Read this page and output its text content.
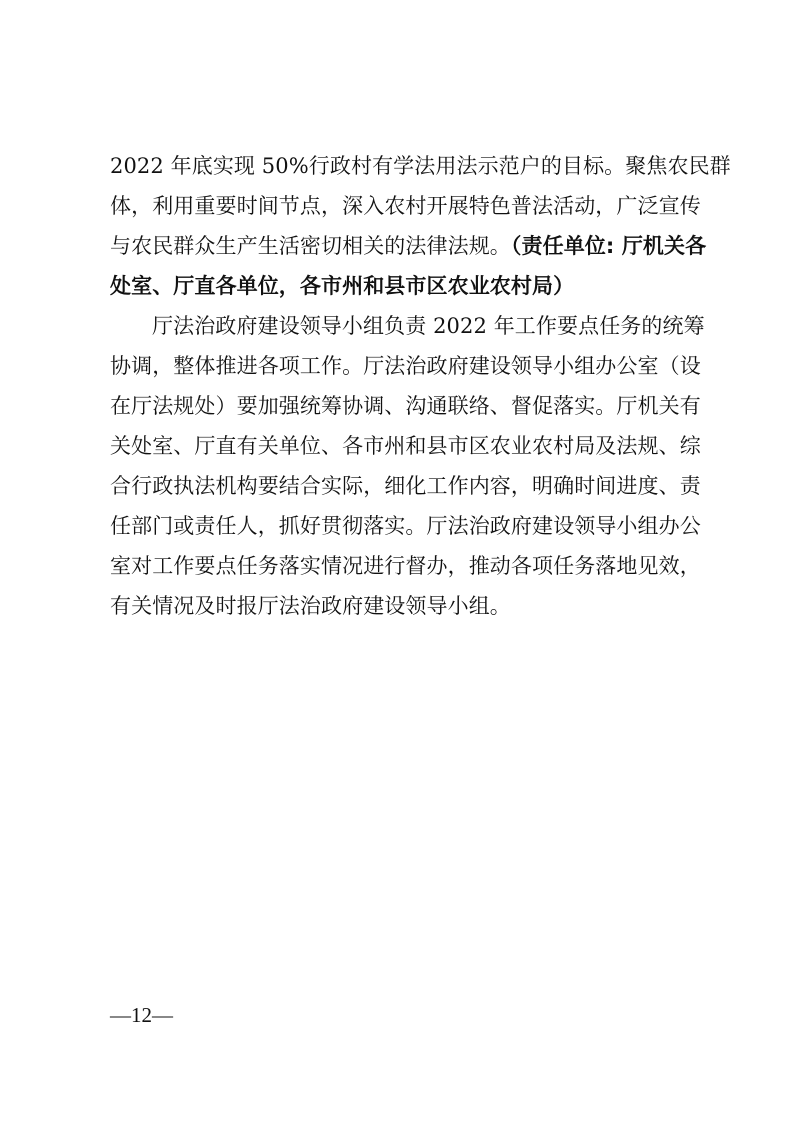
2022 年底实现 50%行政村有学法用法示范户的目标。聚焦农民群
体，利用重要时间节点，深入农村开展特色普法活动，广泛宣传
与农民群众生产生活密切相关的法律法规。（责任单位: 厅机关各
处室、厅直各单位，各市州和县市区农业农村局）
厅法治政府建设领导小组负责 2022 年工作要点任务的统筹
协调，整体推进各项工作。厅法治政府建设领导小组办公室（设
在厅法规处）要加强统筹协调、沟通联络、督促落实。厅机关有
关处室、厅直有关单位、各市州和县市区农业农村局及法规、综
合行政执法机构要结合实际，细化工作内容，明确时间进度、责
任部门或责任人，抓好贯彻落实。厅法治政府建设领导小组办公
室对工作要点任务落实情况进行督办，推动各项任务落地见效，
有关情况及时报厅法治政府建设领导小组。
—12—
